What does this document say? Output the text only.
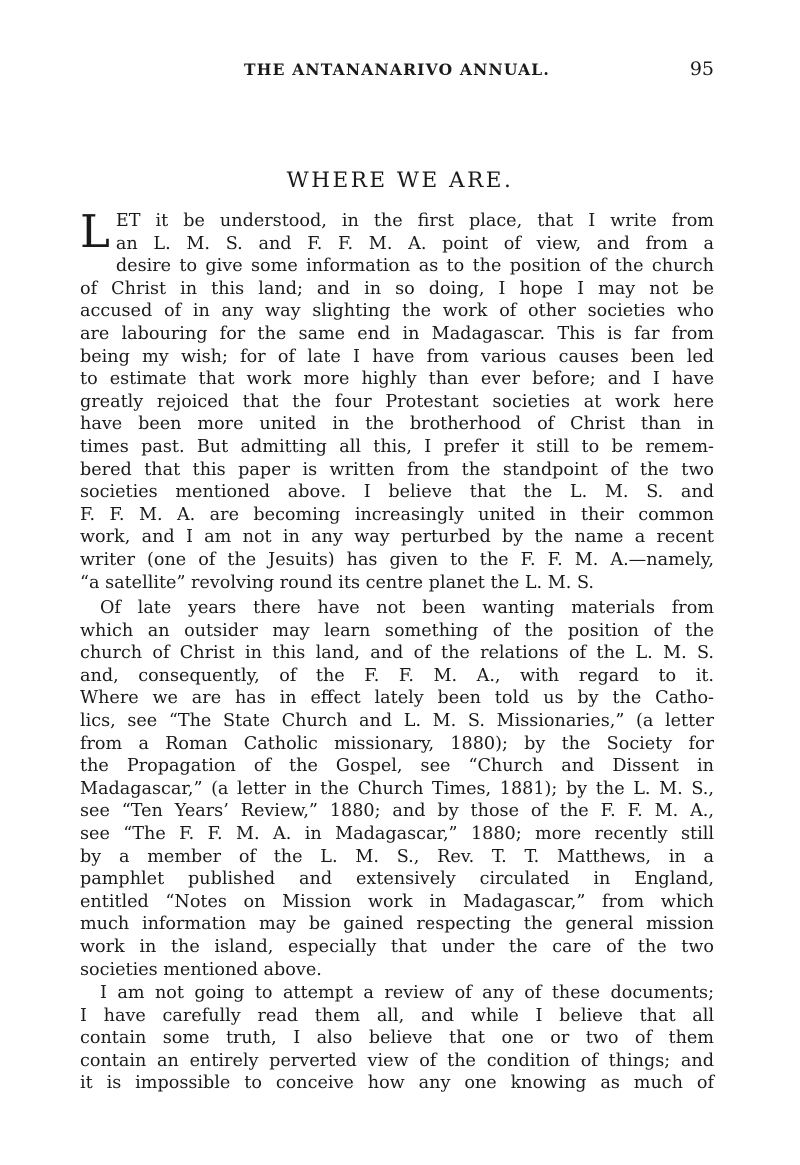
THE ANTANANARIVO ANNUAL.	95
WHERE WE ARE.
L ET it be understood, in the first place, that I write from
an L. M. S. and F. F. M. A. point of view, and from a
desire to give some information as to the position of the church
of Christ in this land; and in so doing, I hope I may not be
accused of in any way slighting the work of other societies who
are labouring for the same end in Madagascar. This is far from
being my wish; for of late I have from various causes been led
to estimate that work more highly than ever before; and I have
greatly rejoiced that the four Protestant societies at work here
have been more united in the brotherhood of Christ than in
times past. But admitting all this, I prefer it still to be remem-
bered that this paper is written from the standpoint of the two
societies mentioned above. I believe that the L. M. S. and
F. F. M. A. are becoming increasingly united in their common
work, and I am not in any way perturbed by the name a recent
writer (one of the Jesuits) has given to the F. F. M. A.—namely,
“a satellite” revolving round its centre planet the L. M. S.
Of late years there have not been wanting materials from
which an outsider may learn something of the position of the
church of Christ in this land, and of the relations of the L. M. S.
and, consequently, of the F. F. M. A., with regard to it.
Where we are has in effect lately been told us by the Catho-
lics, see “The State Church and L. M. S. Missionaries,” (a letter
from a Roman Catholic missionary, 1880); by the Society for
the Propagation of the Gospel, see “Church and Dissent in
Madagascar,” (a letter in the Church Times, 1881); by the L. M. S.,
see “Ten Years’ Review,” 1880; and by those of the F. F. M. A.,
see “The F. F. M. A. in Madagascar,” 1880; more recently still
by a member of the L. M. S., Rev. T. T. Matthews, in a
pamphlet published and extensively circulated in England,
entitled “Notes on Mission work in Madagascar,” from which
much information may be gained respecting the general mission
work in the island, especially that under the care of the two
societies mentioned above.
I am not going to attempt a review of any of these documents;
I have carefully read them all, and while I believe that all
contain some truth, I also believe that one or two of them
contain an entirely perverted view of the condition of things; and
it is impossible to conceive how any one knowing as much of
